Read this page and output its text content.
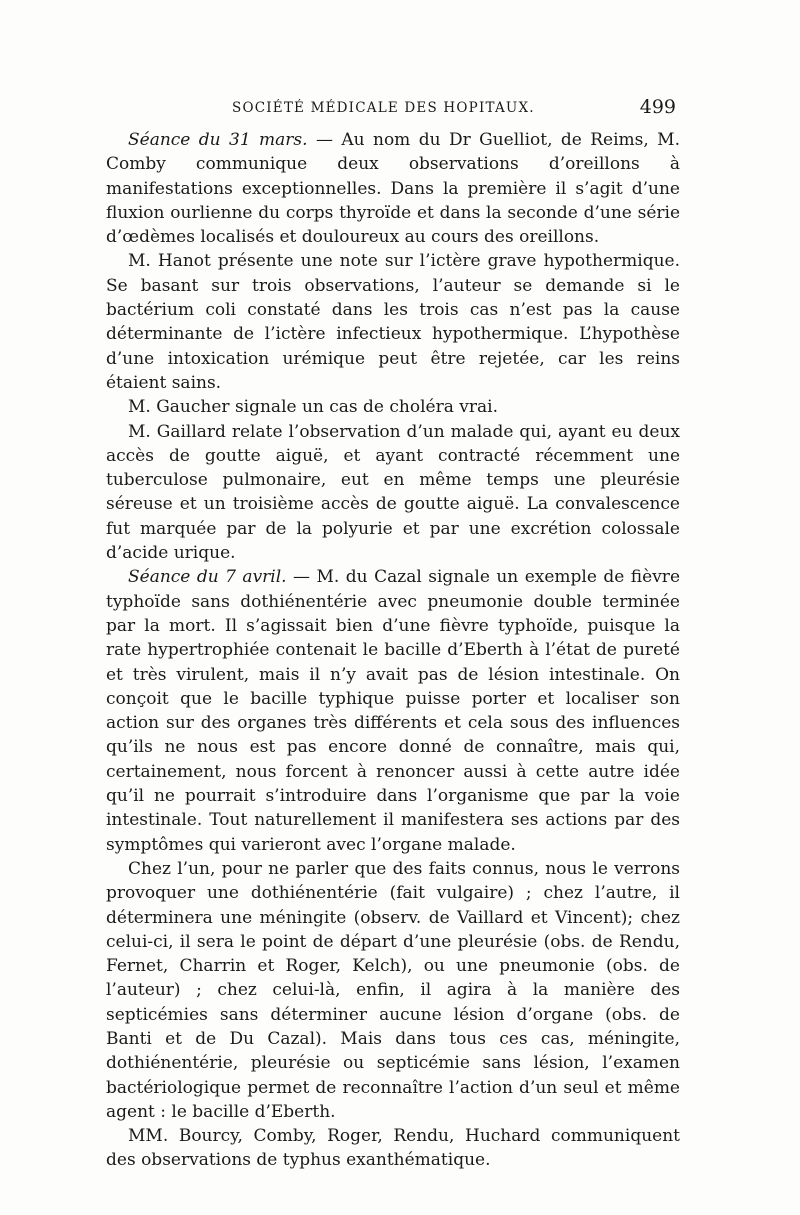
SOCIÉTÉ MÉDICALE DES HOPITAUX.	499

Séance du 31 mars. — Au nom du Dr Guelliot, de Reims, M. Comby communique deux observations d’oreillons à manifestations exceptionnelles. Dans la première il s’agit d’une fluxion ourlienne du corps thyroïde et dans la seconde d’une série d’œdèmes localisés et douloureux au cours des oreillons.

M. Hanot présente une note sur l’ictère grave hypothermique. Se basant sur trois observations, l’auteur se demande si le bactérium coli constaté dans les trois cas n’est pas la cause déterminante de l’ictère infectieux hypothermique. L’hypothèse d’une intoxication urémique peut être rejetée, car les reins étaient sains.

M. Gaucher signale un cas de choléra vrai.

M. Gaillard relate l’observation d’un malade qui, ayant eu deux accès de goutte aiguë, et ayant contracté récemment une tuberculose pulmonaire, eut en même temps une pleurésie séreuse et un troisième accès de goutte aiguë. La convalescence fut marquée par de la polyurie et par une excrétion colossale d’acide urique.

Séance du 7 avril. — M. du Cazal signale un exemple de fièvre typhoïde sans dothiénentérie avec pneumonie double terminée par la mort. Il s’agissait bien d’une fièvre typhoïde, puisque la rate hypertrophiée contenait le bacille d’Eberth à l’état de pureté et très virulent, mais il n’y avait pas de lésion intestinale. On conçoit que le bacille typhique puisse porter et localiser son action sur des organes très différents et cela sous des influences qu’ils ne nous est pas encore donné de connaître, mais qui, certainement, nous forcent à renoncer aussi à cette autre idée qu’il ne pourrait s’introduire dans l’organisme que par la voie intestinale. Tout naturellement il manifestera ses actions par des symptômes qui varieront avec l’organe malade.

Chez l’un, pour ne parler que des faits connus, nous le verrons provoquer une dothiénentérie (fait vulgaire) ; chez l’autre, il déterminera une méningite (observ. de Vaillard et Vincent); chez celui-ci, il sera le point de départ d’une pleurésie (obs. de Rendu, Fernet, Charrin et Roger, Kelch), ou une pneumonie (obs. de l’auteur) ; chez celui-là, enfin, il agira à la manière des septicémies sans déterminer aucune lésion d’organe (obs. de Banti et de Du Cazal). Mais dans tous ces cas, méningite, dothiénentérie, pleurésie ou septicémie sans lésion, l’examen bactériologique permet de reconnaître l’action d’un seul et même agent : le bacille d’Eberth.

MM. Bourcy, Comby, Roger, Rendu, Huchard communiquent des observations de typhus exanthématique.
